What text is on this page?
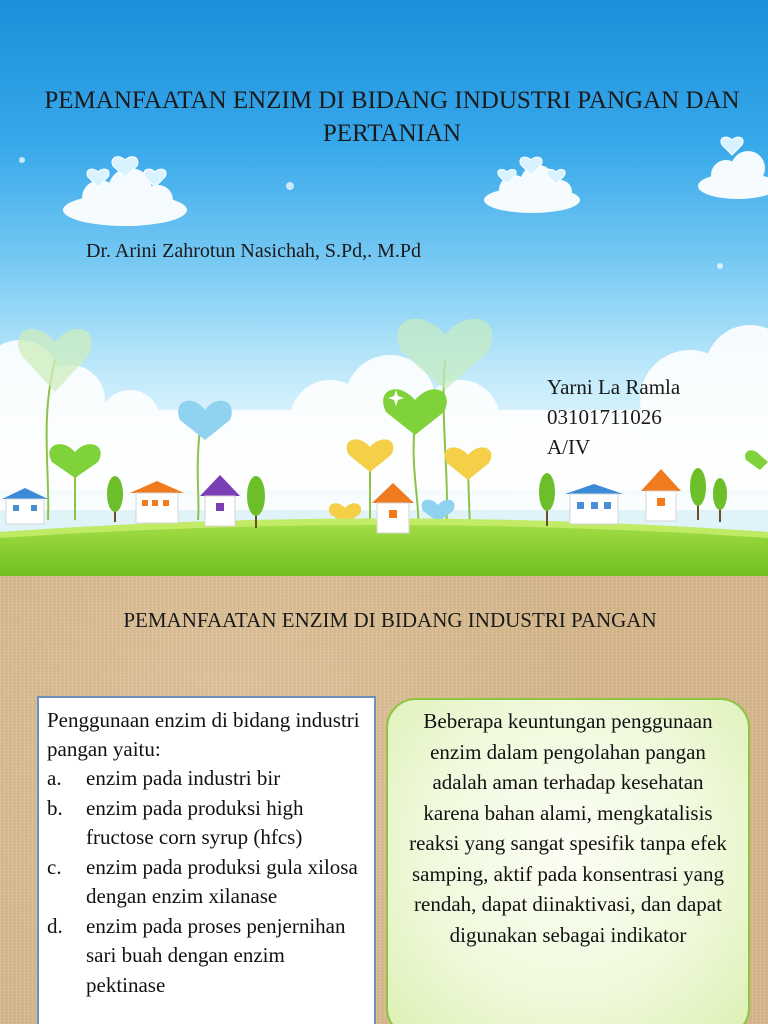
PEMANFAATAN ENZIM DI BIDANG INDUSTRI PANGAN DAN PERTANIAN
Dr. Arini Zahrotun Nasichah, S.Pd,. M.Pd
Yarni La Ramla
03101711026
A/IV
PEMANFAATAN ENZIM DI BIDANG INDUSTRI PANGAN
Penggunaan enzim di bidang industri pangan yaitu:
a.	enzim pada industri bir
b.	enzim pada produksi high fructose corn syrup (hfcs)
c.	enzim pada produksi gula xilosa dengan enzim xilanase
d.	enzim pada proses penjernihan sari buah dengan enzim pektinase
Beberapa keuntungan penggunaan enzim dalam pengolahan pangan adalah aman terhadap kesehatan karena bahan alami, mengkatalisis reaksi yang sangat spesifik tanpa efek samping, aktif pada konsentrasi yang rendah, dapat diinaktivasi, dan dapat digunakan sebagai indikator
